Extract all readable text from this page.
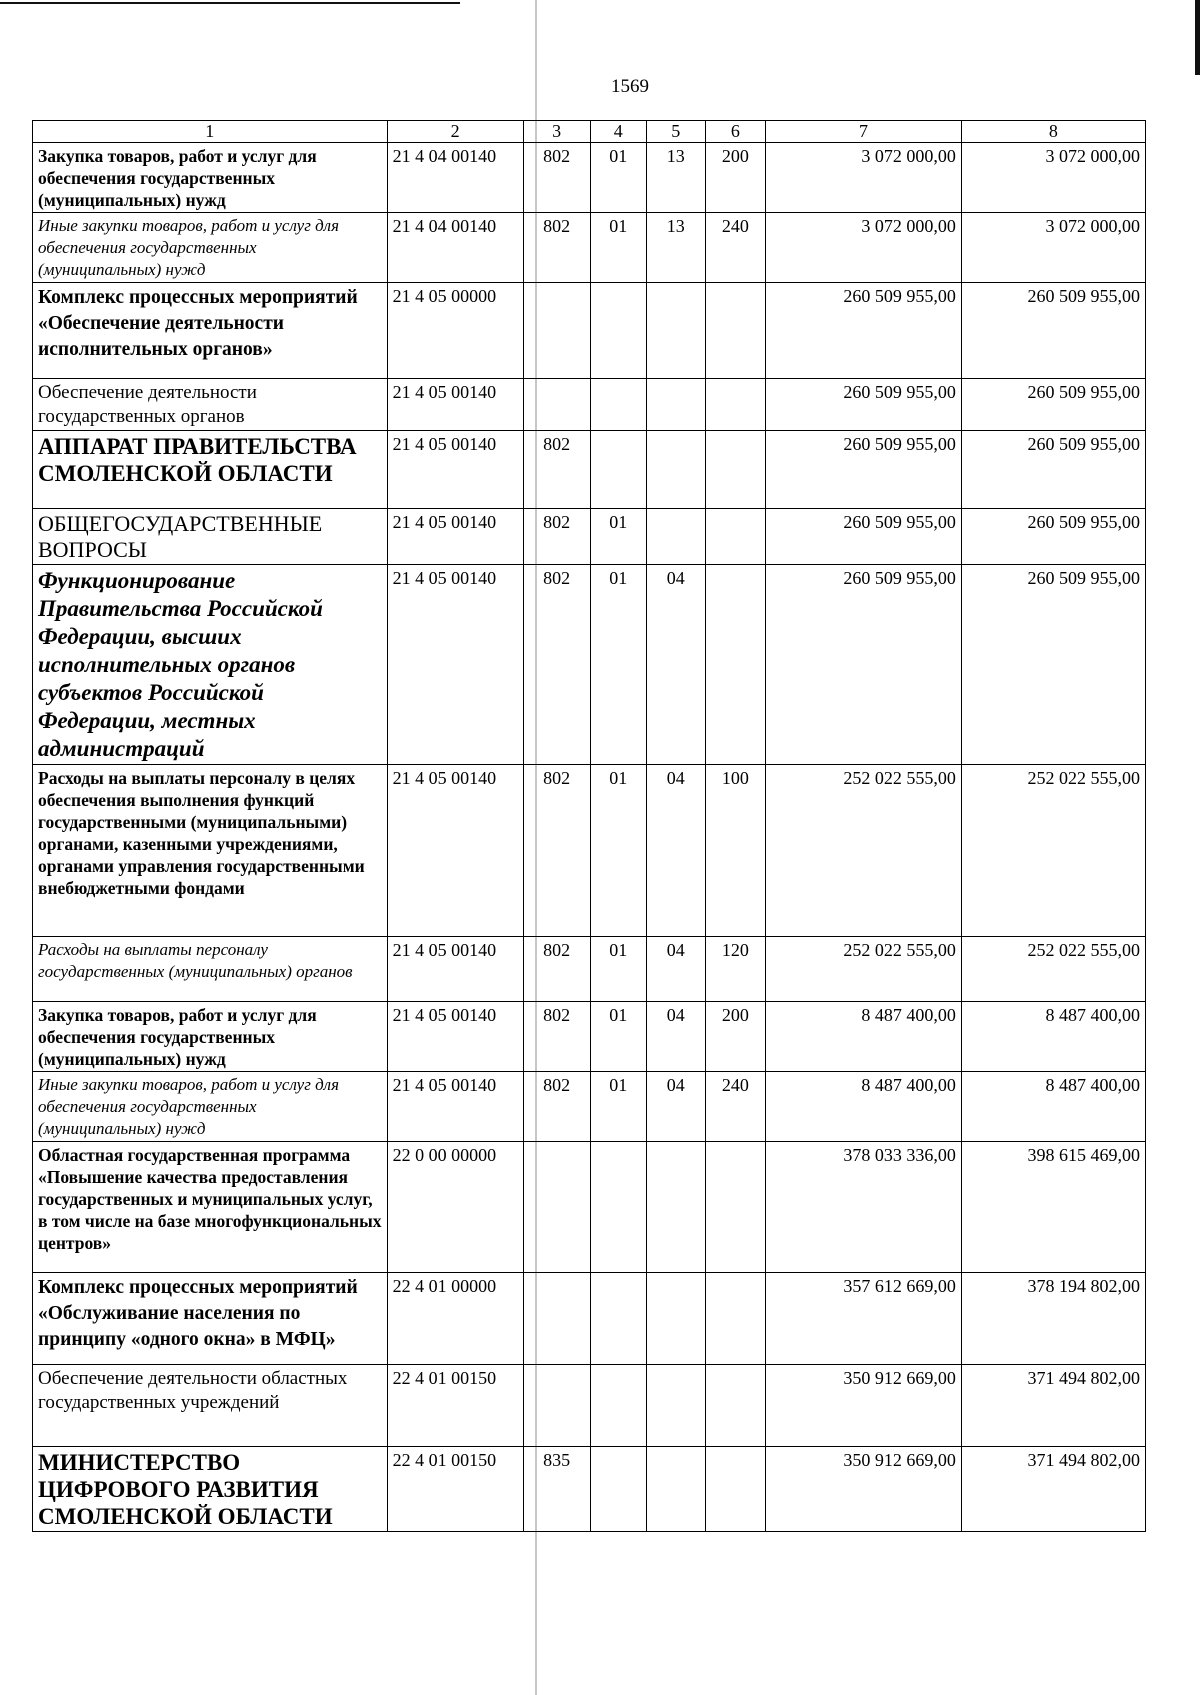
1569
1	2	3	4	5	6	7	8
Закупка товаров, работ и услуг для обеспечения государственных (муниципальных) нужд	21 4 04 00140	802	01	13	200	3 072 000,00	3 072 000,00
Иные закупки товаров, работ и услуг для обеспечения государственных (муниципальных) нужд	21 4 04 00140	802	01	13	240	3 072 000,00	3 072 000,00
Комплекс процессных мероприятий «Обеспечение деятельности исполнительных органов»	21 4 05 00000					260 509 955,00	260 509 955,00
Обеспечение деятельности государственных органов	21 4 05 00140					260 509 955,00	260 509 955,00
АППАРАТ ПРАВИТЕЛЬСТВА СМОЛЕНСКОЙ ОБЛАСТИ	21 4 05 00140	802				260 509 955,00	260 509 955,00
ОБЩЕГОСУДАРСТВЕННЫЕ ВОПРОСЫ	21 4 05 00140	802	01			260 509 955,00	260 509 955,00
Функционирование Правительства Российской Федерации, высших исполнительных органов субъектов Российской Федерации, местных администраций	21 4 05 00140	802	01	04		260 509 955,00	260 509 955,00
Расходы на выплаты персоналу в целях обеспечения выполнения функций государственными (муниципальными) органами, казенными учреждениями, органами управления государственными внебюджетными фондами	21 4 05 00140	802	01	04	100	252 022 555,00	252 022 555,00
Расходы на выплаты персоналу государственных (муниципальных) органов	21 4 05 00140	802	01	04	120	252 022 555,00	252 022 555,00
Закупка товаров, работ и услуг для обеспечения государственных (муниципальных) нужд	21 4 05 00140	802	01	04	200	8 487 400,00	8 487 400,00
Иные закупки товаров, работ и услуг для обеспечения государственных (муниципальных) нужд	21 4 05 00140	802	01	04	240	8 487 400,00	8 487 400,00
Областная государственная программа «Повышение качества предоставления государственных и муниципальных услуг, в том числе на базе многофункциональных центров»	22 0 00 00000					378 033 336,00	398 615 469,00
Комплекс процессных мероприятий «Обслуживание населения по принципу «одного окна» в МФЦ»	22 4 01 00000					357 612 669,00	378 194 802,00
Обеспечение деятельности областных государственных учреждений	22 4 01 00150					350 912 669,00	371 494 802,00
МИНИСТЕРСТВО ЦИФРОВОГО РАЗВИТИЯ СМОЛЕНСКОЙ ОБЛАСТИ	22 4 01 00150	835				350 912 669,00	371 494 802,00
